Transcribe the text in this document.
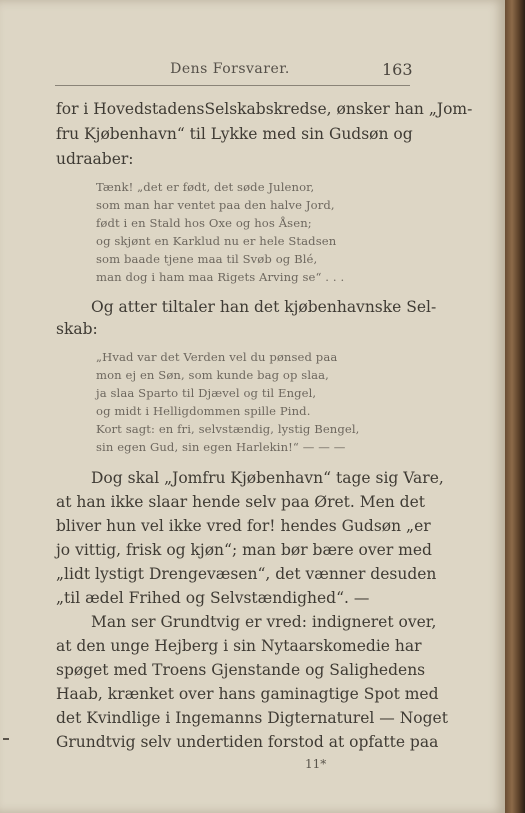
Dens Forsvarer.	163
for i HovedstadensSelskabskredse, ønsker han „Jom-
fru Kjøbenhavn“ til Lykke med sin Gudsøn og
udraaber:
Tænk! „det er født, det søde Julenor,
som man har ventet paa den halve Jord,
født i en Stald hos Oxe og hos Åsen;
og skjønt en Karklud nu er hele Stadsen
som baade tjene maa til Svøb og Blé,
man dog i ham maa Rigets Arving se“ . . .
Og atter tiltaler han det kjøbenhavnske Sel-
skab:
„Hvad var det Verden vel du pønsed paa
mon ej en Søn, som kunde bag op slaa,
ja slaa Sparto til Djævel og til Engel,
og midt i Helligdommen spille Pind.
Kort sagt: en fri, selvstændig, lystig Bengel,
sin egen Gud, sin egen Harlekin!“ — — —
Dog skal „Jomfru Kjøbenhavn“ tage sig Vare,
at han ikke slaar hende selv paa Øret. Men det
bliver hun vel ikke vred for! hendes Gudsøn „er
jo vittig, frisk og kjøn“; man bør bære over med
„lidt lystigt Drengevæsen“, det vænner desuden
„til ædel Frihed og Selvstændighed“. —
Man ser Grundtvig er vred: indigneret over,
at den unge Hejberg i sin Nytaarskomedie har
spøget med Troens Gjenstande og Salighedens
Haab, krænket over hans gaminagtige Spot med
det Kvindlige i Ingemanns Digternaturel — Noget
Grundtvig selv undertiden forstod at opfatte paa
11*
